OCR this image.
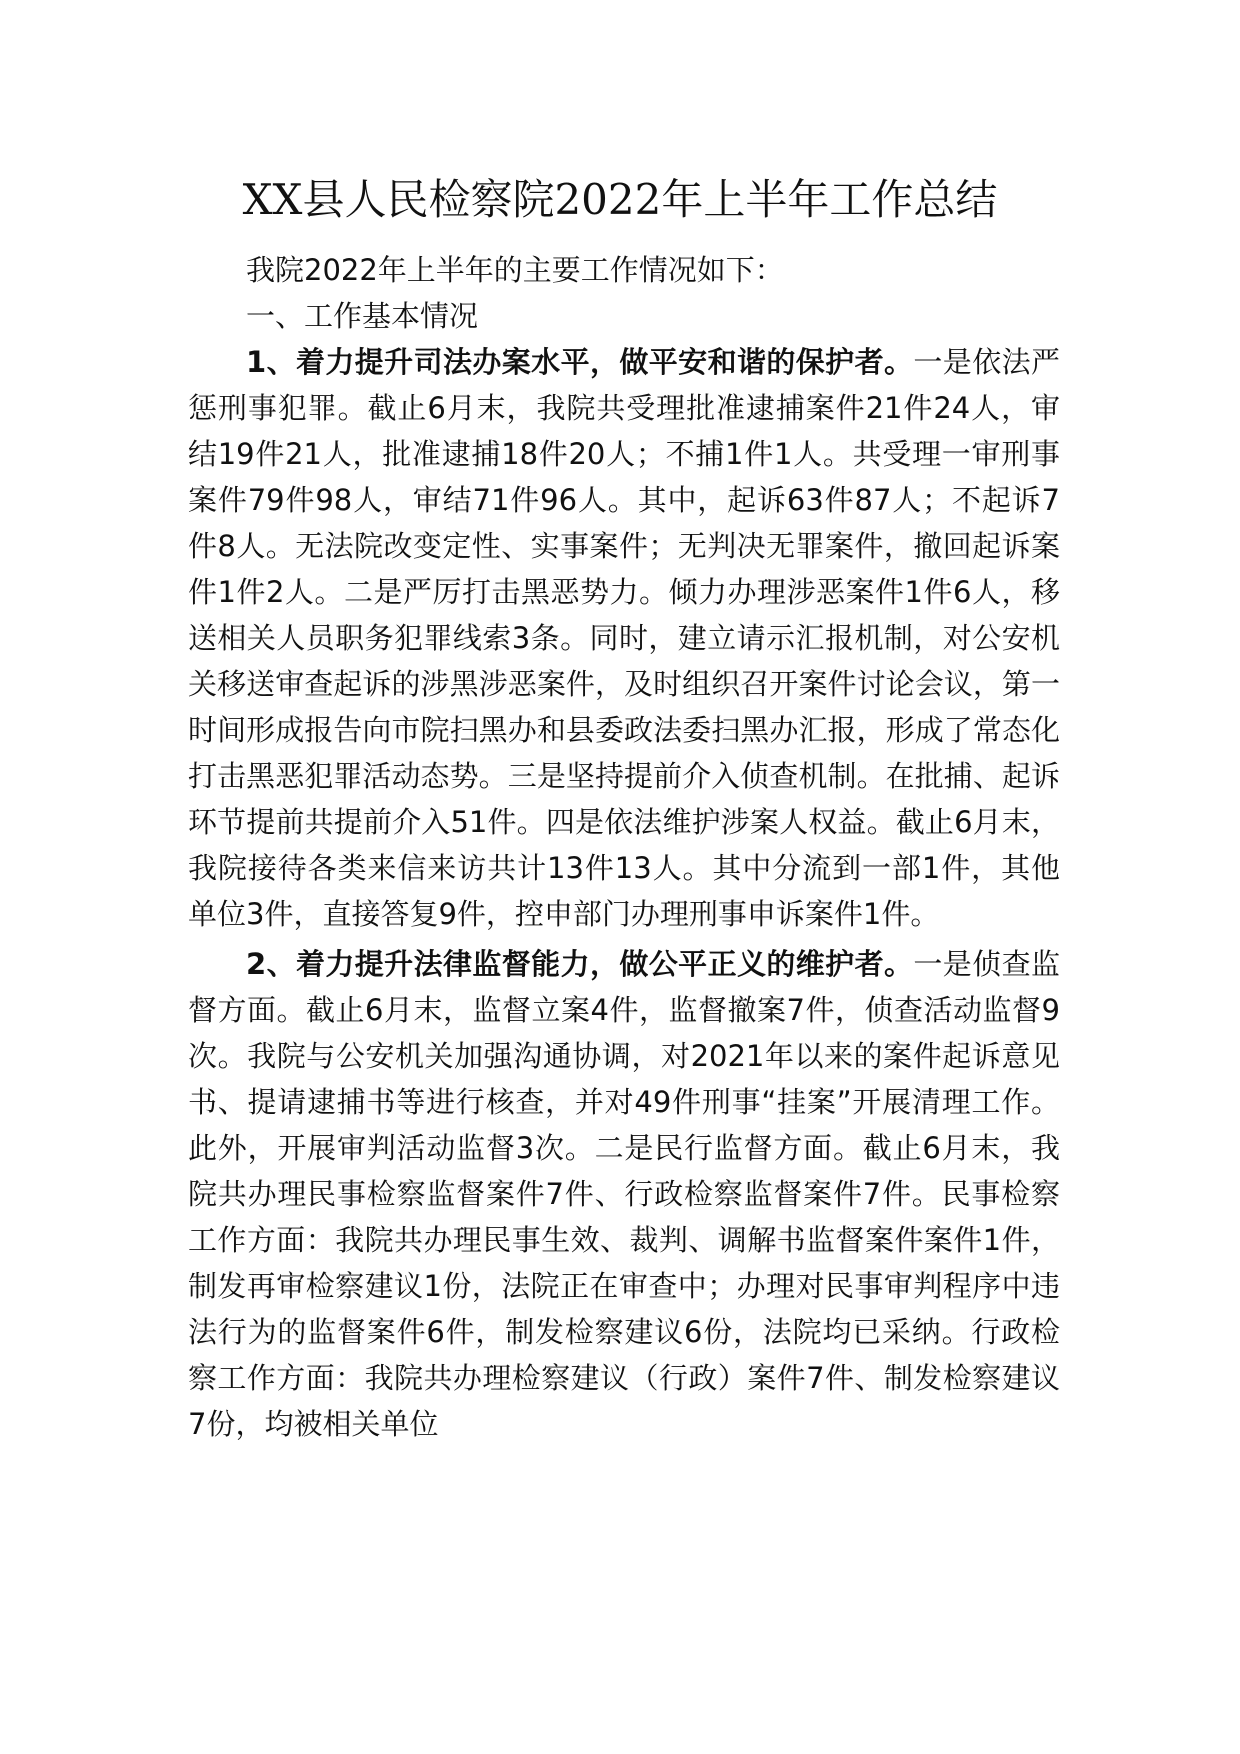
XX县人民检察院2022年上半年工作总结

我院2022年上半年的主要工作情况如下：

一、工作基本情况

1、着力提升司法办案水平，做平安和谐的保护者。一是依法严惩刑事犯罪。截止6月末，我院共受理批准逮捕案件21件24人，审结19件21人，批准逮捕18件20人；不捕1件1人。共受理一审刑事案件79件98人，审结71件96人。其中，起诉63件87人；不起诉7件8人。无法院改变定性、实事案件；无判决无罪案件，撤回起诉案件1件2人。二是严厉打击黑恶势力。倾力办理涉恶案件1件6人，移送相关人员职务犯罪线索3条。同时，建立请示汇报机制，对公安机关移送审查起诉的涉黑涉恶案件，及时组织召开案件讨论会议，第一时间形成报告向市院扫黑办和县委政法委扫黑办汇报，形成了常态化打击黑恶犯罪活动态势。三是坚持提前介入侦查机制。在批捕、起诉环节提前共提前介入51件。四是依法维护涉案人权益。截止6月末，我院接待各类来信来访共计13件13人。其中分流到一部1件，其他单位3件，直接答复9件，控申部门办理刑事申诉案件1件。

2、着力提升法律监督能力，做公平正义的维护者。一是侦查监督方面。截止6月末，监督立案4件，监督撤案7件，侦查活动监督9次。我院与公安机关加强沟通协调，对2021年以来的案件起诉意见书、提请逮捕书等进行核查，并对49件刑事“挂案”开展清理工作。此外，开展审判活动监督3次。二是民行监督方面。截止6月末，我院共办理民事检察监督案件7件、行政检察监督案件7件。民事检察工作方面：我院共办理民事生效、裁判、调解书监督案件案件1件，制发再审检察建议1份，法院正在审查中；办理对民事审判程序中违法行为的监督案件6件，制发检察建议6份，法院均已采纳。行政检察工作方面：我院共办理检察建议（行政）案件7件、制发检察建议7份，均被相关单位
